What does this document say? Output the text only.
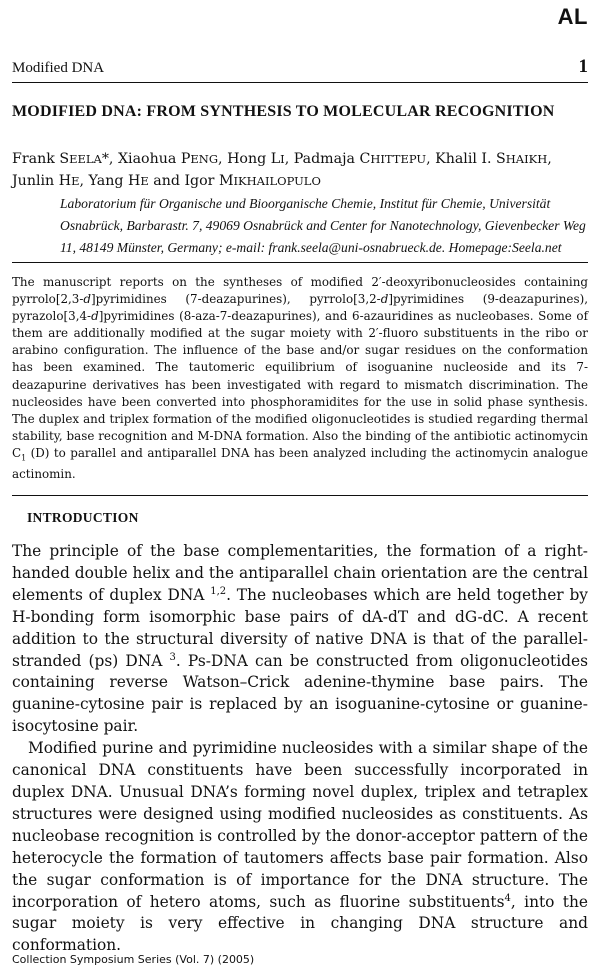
AL
Modified DNA	1
MODIFIED DNA: FROM SYNTHESIS TO MOLECULAR RECOGNITION
Frank SEELA*, Xiaohua PENG, Hong LI, Padmaja CHITTEPU, Khalil I. SHAIKH,
Junlin HE, Yang HE and Igor MIKHAILOPULO
Laboratorium für Organische und Bioorganische Chemie, Institut für Chemie, Universität Osnabrück, Barbarastr. 7, 49069 Osnabrück and Center for Nanotechnology, Gievenbecker Weg 11, 48149 Münster, Germany; e-mail: frank.seela@uni-osnabrueck.de. Homepage:Seela.net

The manuscript reports on the syntheses of modified 2′-deoxyribonucleosides containing pyrrolo[2,3-d]pyrimidines (7-deazapurines), pyrrolo[3,2-d]pyrimidines (9-deazapurines), pyrazolo[3,4-d]pyrimidines (8-aza-7-deazapurines), and 6-azauridines as nucleobases. Some of them are additionally modified at the sugar moiety with 2′-fluoro substituents in the ribo or arabino configuration. The influence of the base and/or sugar residues on the conformation has been examined. The tautomeric equilibrium of isoguanine nucleoside and its 7-deazapurine derivatives has been investigated with regard to mismatch discrimination. The nucleosides have been converted into phosphoramidites for the use in solid phase synthesis. The duplex and triplex formation of the modified oligonucleotides is studied regarding thermal stability, base recognition and M-DNA formation. Also the binding of the antibiotic actinomycin $C_1$ (D) to parallel and antiparallel DNA has been analyzed including the actinomycin analogue actinomin.

INTRODUCTION

The principle of the base complementarities, the formation of a right-handed double helix and the antiparallel chain orientation are the central elements of duplex DNA $^{1,2}$. The nucleobases which are held together by H-bonding form isomorphic base pairs of dA-dT and dG-dC. A recent addition to the structural diversity of native DNA is that of the parallel-stranded (ps) DNA $^3$. Ps-DNA can be constructed from oligonucleotides containing reverse Watson–Crick adenine-thymine base pairs. The guanine-cytosine pair is replaced by an isoguanine-cytosine or guanine-isocytosine pair.

Modified purine and pyrimidine nucleosides with a similar shape of the canonical DNA constituents have been successfully incorporated in duplex DNA. Unusual DNA’s forming novel duplex, triplex and tetraplex structures were designed using modified nucleosides as constituents. As nucleobase recognition is controlled by the donor-acceptor pattern of the heterocycle the formation of tautomers affects base pair formation. Also the sugar conformation is of importance for the DNA structure. The incorporation of hetero atoms, such as fluorine substituents$^4$, into the sugar moiety is very effective in changing DNA structure and conformation.

Collection Symposium Series (Vol. 7) (2005)
